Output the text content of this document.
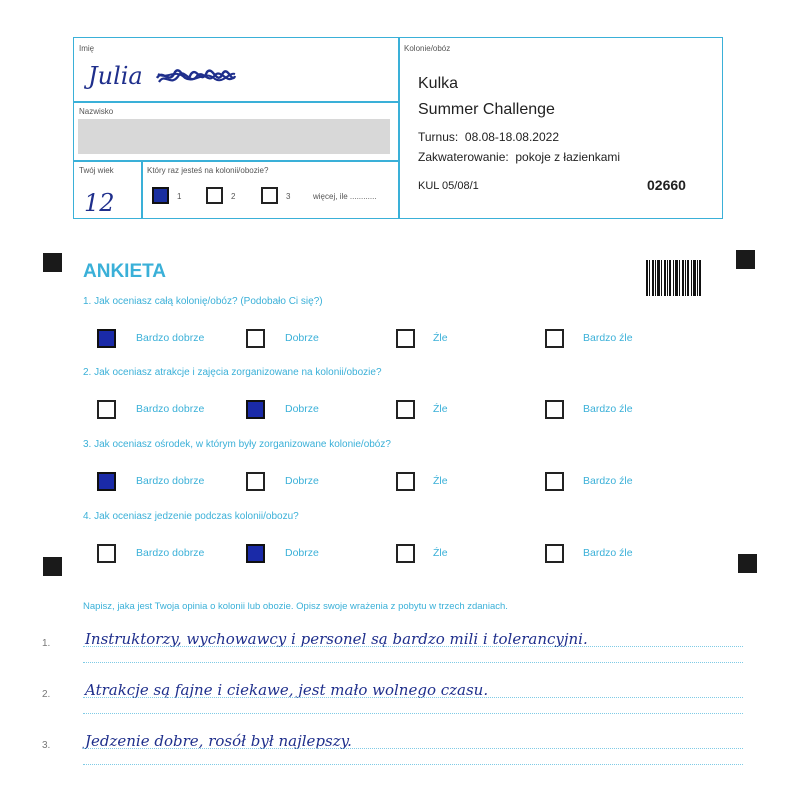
Imię
Julia
Nazwisko
Twój wiek
12
Który raz jesteś na kolonii/obozie?
1	2	3	więcej, ile ............
Kolonie/obóz
Kulka
Summer Challenge
Turnus:  08.08-18.08.2022
Zakwaterowanie:  pokoje z łazienkami
KUL 05/08/1	02660
ANKIETA
1. Jak oceniasz całą kolonię/obóz? (Podobało Ci się?)
Bardzo dobrze	Dobrze	Źle	Bardzo źle
2. Jak oceniasz atrakcje i zajęcia zorganizowane na kolonii/obozie?
Bardzo dobrze	Dobrze	Źle	Bardzo źle
3. Jak oceniasz ośrodek, w którym były zorganizowane kolonie/obóz?
Bardzo dobrze	Dobrze	Źle	Bardzo źle
4. Jak oceniasz jedzenie podczas kolonii/obozu?
Bardzo dobrze	Dobrze	Źle	Bardzo źle
Napisz, jaka jest Twoja opinia o kolonii lub obozie. Opisz swoje wrażenia z pobytu w trzech zdaniach.
1. Instruktorzy, wychowawcy i personel są bardzo mili i tolerancyjni.
2. Atrakcje są fajne i ciekawe, jest mało wolnego czasu.
3. Jedzenie dobre, rosół był najlepszy.
